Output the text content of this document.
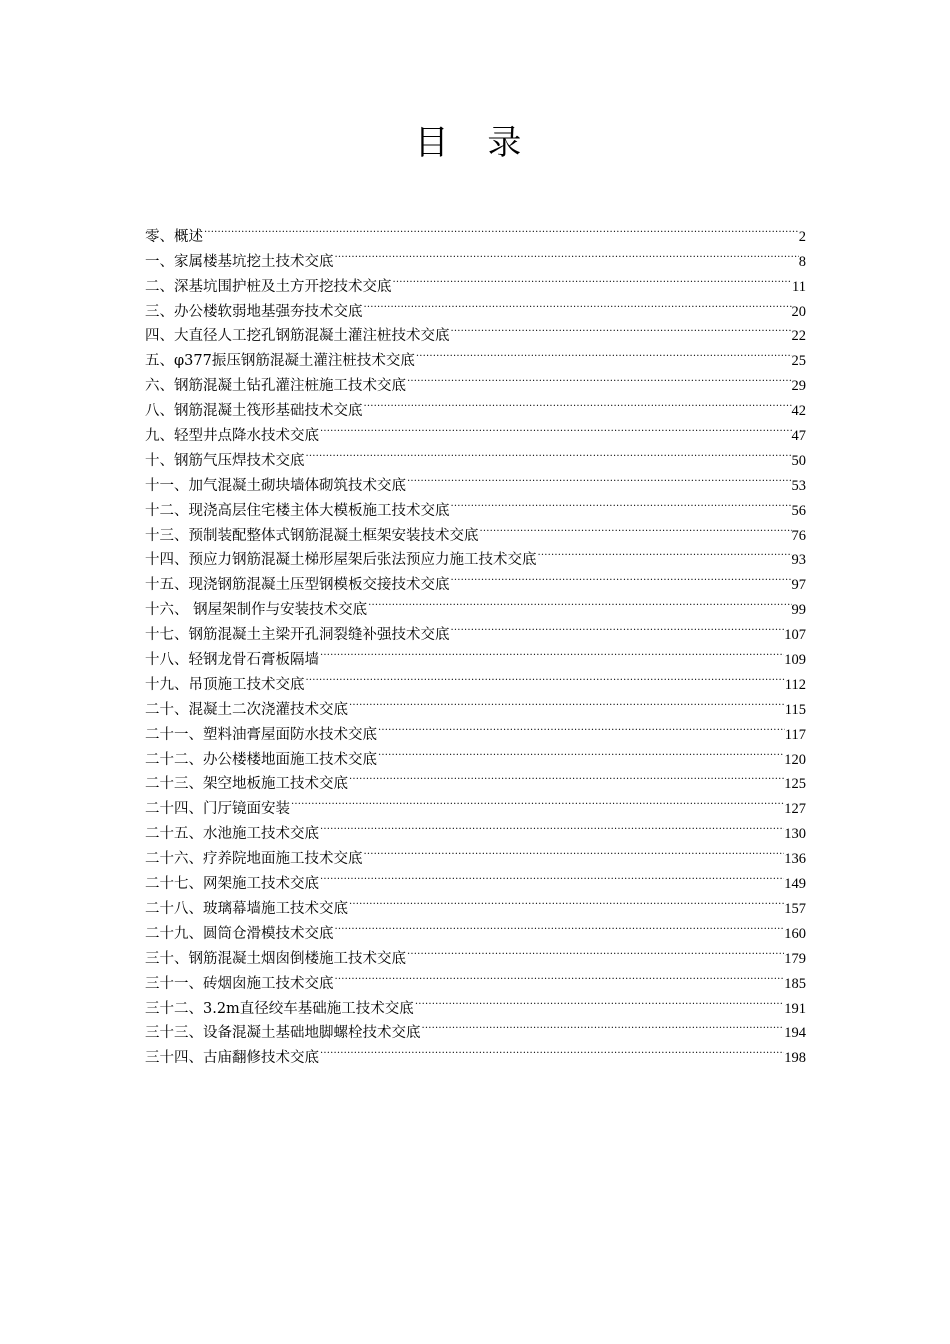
目 录
零、概述 .....	2
一、家属楼基坑挖土技术交底 .....	8
二、深基坑围护桩及土方开挖技术交底 .....	11
三、办公楼软弱地基强夯技术交底 .....	20
四、大直径人工挖孔钢筋混凝土灌注桩技术交底 .....	22
五、φ377振压钢筋混凝土灌注桩技术交底 .....	25
六、钢筋混凝土钻孔灌注桩施工技术交底 .....	29
八、钢筋混凝土筏形基础技术交底 .....	42
九、轻型井点降水技术交底 .....	47
十、钢筋气压焊技术交底 .....	50
十一、加气混凝土砌块墙体砌筑技术交底 .....	53
十二、现浇高层住宅楼主体大模板施工技术交底 .....	56
十三、预制装配整体式钢筋混凝土框架安装技术交底 .....	76
十四、预应力钢筋混凝土梯形屋架后张法预应力施工技术交底 .....	93
十五、现浇钢筋混凝土压型钢模板交接技术交底 .....	97
十六、 钢屋架制作与安装技术交底 .....	99
十七、钢筋混凝土主梁开孔洞裂缝补强技术交底 .....	107
十八、轻钢龙骨石膏板隔墙 .....	109
十九、吊顶施工技术交底 .....	112
二十、混凝土二次浇灌技术交底 .....	115
二十一、塑料油膏屋面防水技术交底 .....	117
二十二、办公楼楼地面施工技术交底 .....	120
二十三、架空地板施工技术交底 .....	125
二十四、门厅镜面安装 .....	127
二十五、水池施工技术交底 .....	130
二十六、疗养院地面施工技术交底 .....	136
二十七、网架施工技术交底 .....	149
二十八、玻璃幕墙施工技术交底 .....	157
二十九、圆筒仓滑模技术交底 .....	160
三十、钢筋混凝土烟囱倒楼施工技术交底 .....	179
三十一、砖烟囱施工技术交底 .....	185
三十二、3.2m直径绞车基础施工技术交底 .....	191
三十三、设备混凝土基础地脚螺栓技术交底 .....	194
三十四、古庙翻修技术交底 .....	198
